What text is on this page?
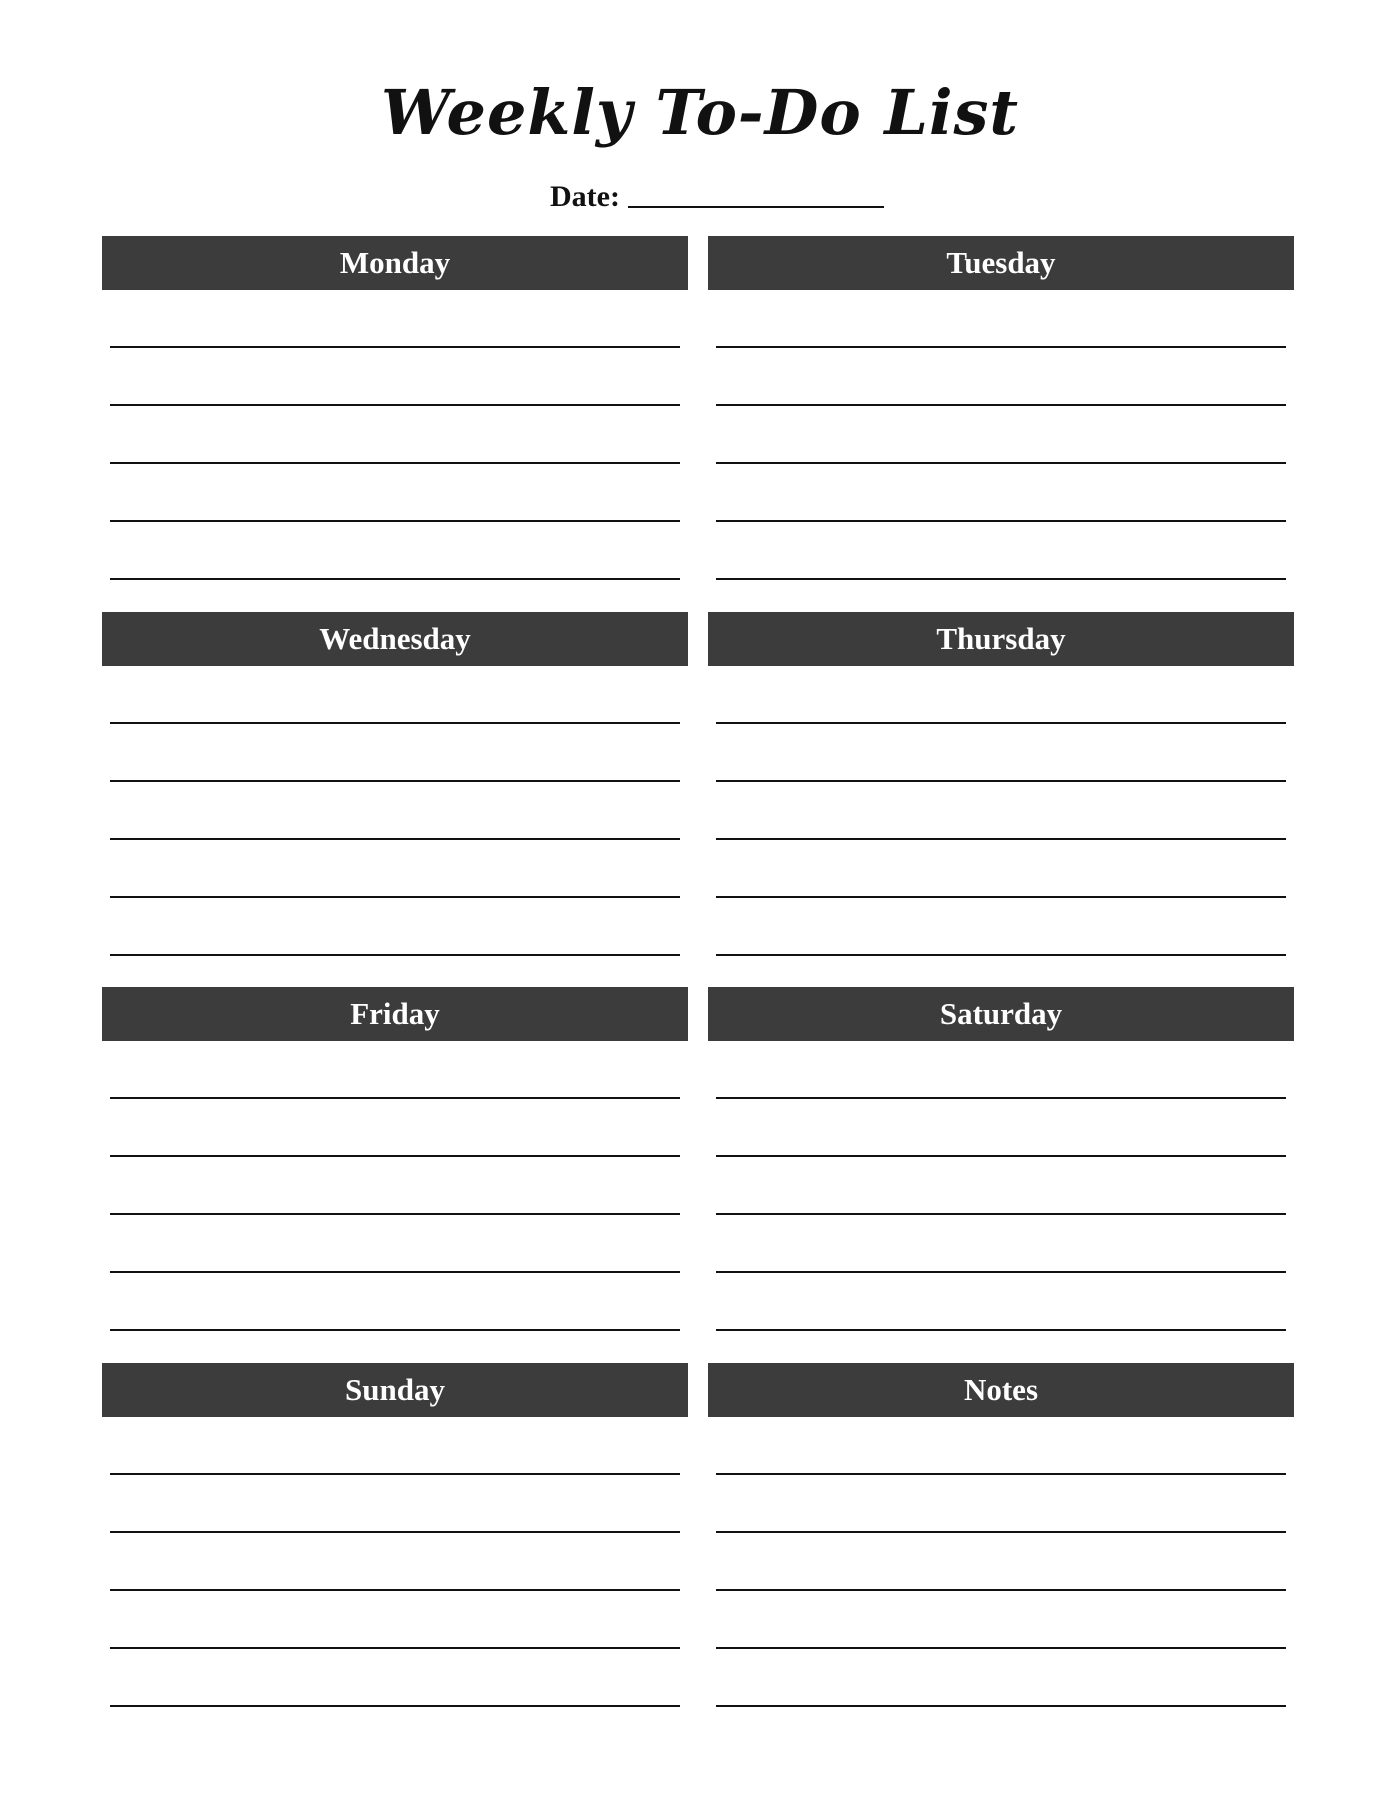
Weekly To-Do List
Date:
Monday	Tuesday
Wednesday	Thursday
Friday	Saturday
Sunday	Notes
